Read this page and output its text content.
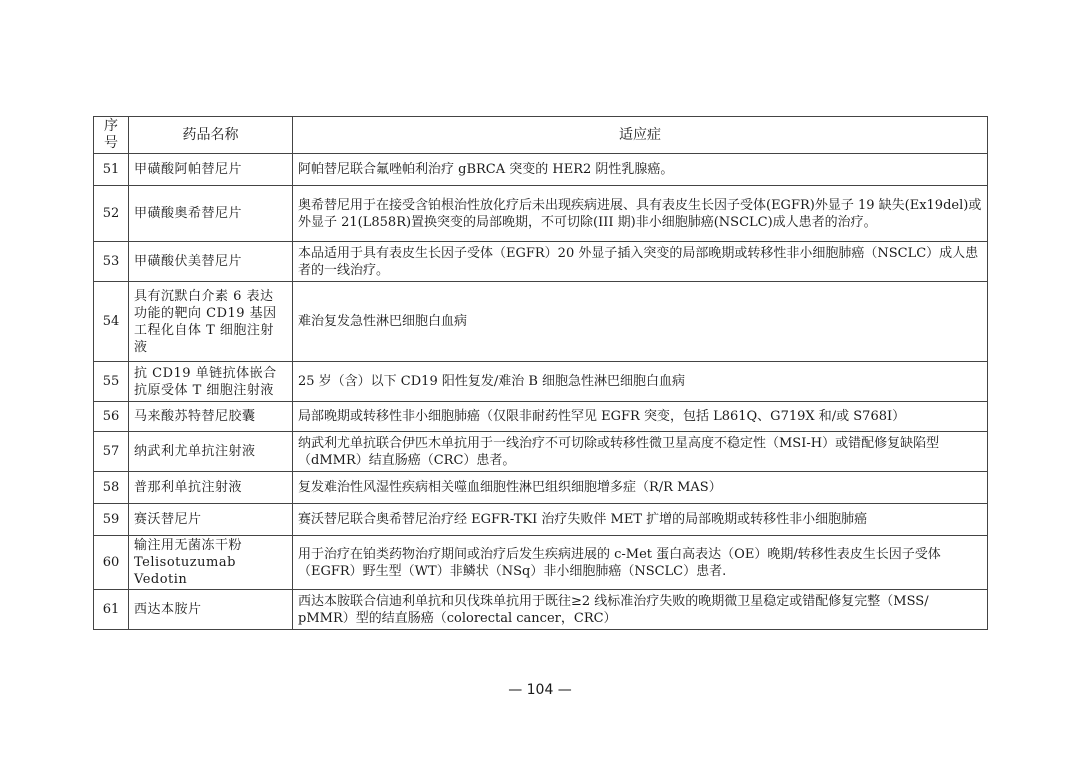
序号	药品名称	适应症
51	甲磺酸阿帕替尼片	阿帕替尼联合氟唑帕利治疗 gBRCA 突变的 HER2 阴性乳腺癌。
52	甲磺酸奥希替尼片	奥希替尼用于在接受含铂根治性放化疗后未出现疾病进展、具有表皮生长因子受体(EGFR)外显子 19 缺失(Ex19del)或外显子 21(L858R)置换突变的局部晚期，不可切除(III 期)非小细胞肺癌(NSCLC)成人患者的治疗。
53	甲磺酸伏美替尼片	本品适用于具有表皮生长因子受体（EGFR）20 外显子插入突变的局部晚期或转移性非小细胞肺癌（NSCLC）成人患者的一线治疗。
54	具有沉默白介素 6 表达功能的靶向 CD19 基因工程化自体 T 细胞注射液	难治复发急性淋巴细胞白血病
55	抗 CD19 单链抗体嵌合抗原受体 T 细胞注射液	25 岁（含）以下 CD19 阳性复发/难治 B 细胞急性淋巴细胞白血病
56	马来酸苏特替尼胶囊	局部晚期或转移性非小细胞肺癌（仅限非耐药性罕见 EGFR 突变，包括 L861Q、G719X 和/或 S768I）
57	纳武利尤单抗注射液	纳武利尤单抗联合伊匹木单抗用于一线治疗不可切除或转移性微卫星高度不稳定性（MSI-H）或错配修复缺陷型（dMMR）结直肠癌（CRC）患者。
58	普那利单抗注射液	复发难治性风湿性疾病相关噬血细胞性淋巴组织细胞增多症（R/R MAS）
59	赛沃替尼片	赛沃替尼联合奥希替尼治疗经 EGFR-TKI 治疗失败伴 MET 扩增的局部晚期或转移性非小细胞肺癌
60	输注用无菌冻干粉 Telisotuzumab Vedotin	用于治疗在铂类药物治疗期间或治疗后发生疾病进展的 c-Met 蛋白高表达（OE）晚期/转移性表皮生长因子受体（EGFR）野生型（WT）非鳞状（NSq）非小细胞肺癌（NSCLC）患者.
61	西达本胺片	西达本胺联合信迪利单抗和贝伐珠单抗用于既往≥2 线标准治疗失败的晚期微卫星稳定或错配修复完整（MSS/ pMMR）型的结直肠癌（colorectal cancer，CRC）
— 104 —
